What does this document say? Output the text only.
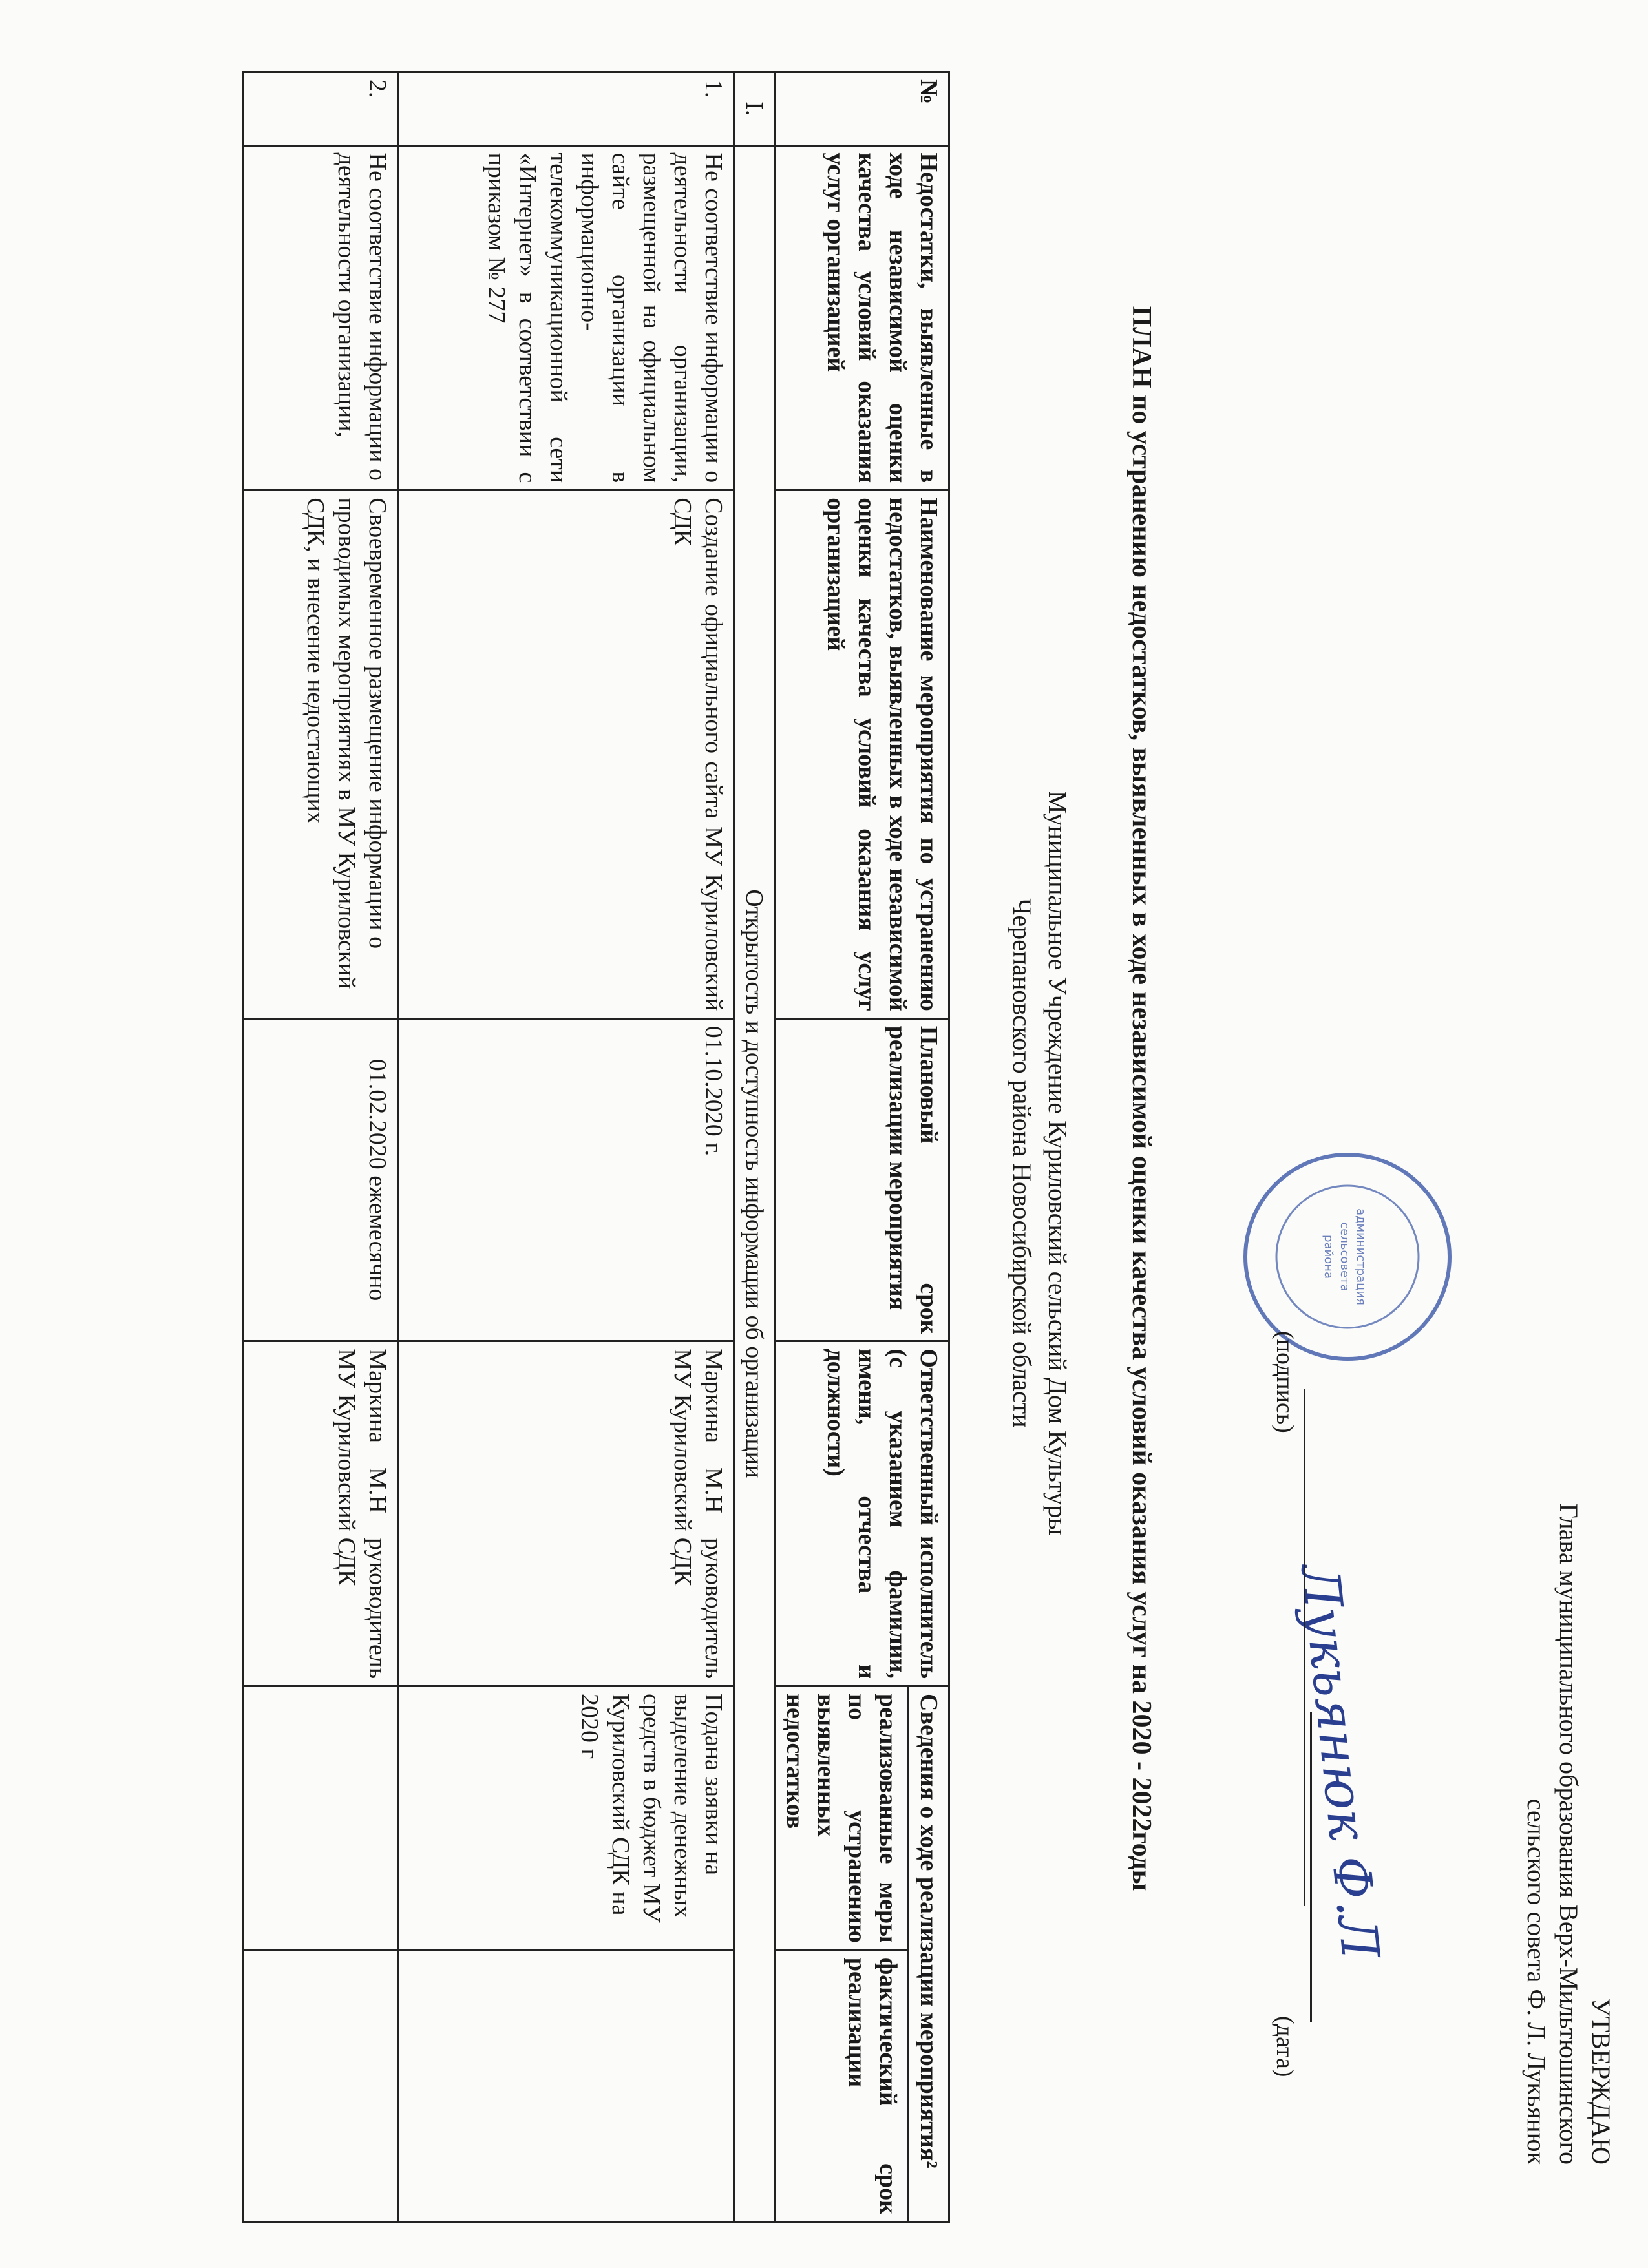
УТВЕРЖДАЮ
Глава муниципального образования Верх-Мильтюшинского
сельского совета Ф. Л. Лукьянюк
администрация
сельсовета
района
Лукьянюк Ф.Л
(подпись)
(дата)
ПЛАН по устранению недостатков, выявленных в ходе независимой оценки качества условий оказания услуг на 2020 - 2022годы
Муниципальное Учреждение Куриловский сельский Дом Культуры
Черепановского района Новосибирской области
№	Недостатки, выявленные в ходе независимой оценки качества условий оказания услуг организацией	Наименование мероприятия по устранению недостатков, выявленных в ходе независимой оценки качества условий оказания услуг организацией	Плановый срок реализации мероприятия	Ответственный исполнитель (с указанием фамилии, имени, отчества и должности)	Сведения о ходе реализации мероприятия²	
					реализованные меры по устранению выявленных недостатков	фактический срок реализации
I.	Открытость и доступность информации об организации					
1.	Не соответствие информации о деятельности организации, размещенной на официальном сайте организации в информационно-телекоммуникационной сети «Интернет» в соответствии с приказом № 277	Создание официального сайта МУ Куриловский СДК	01.10.2020 г.	Маркина М.Н руководитель МУ Куриловский СДК	Подана заявки на выделение денежных средств в бюджет МУ Куриловский СДК на 2020 г	
2.	Не соответствие информации о деятельности организации,	Своевременное размещение информации о проводимых мероприятиях в МУ Куриловский СДК, и внесение недостающих	01.02.2020 ежемесячно	Маркина М.Н руководитель МУ Куриловский СДК		
